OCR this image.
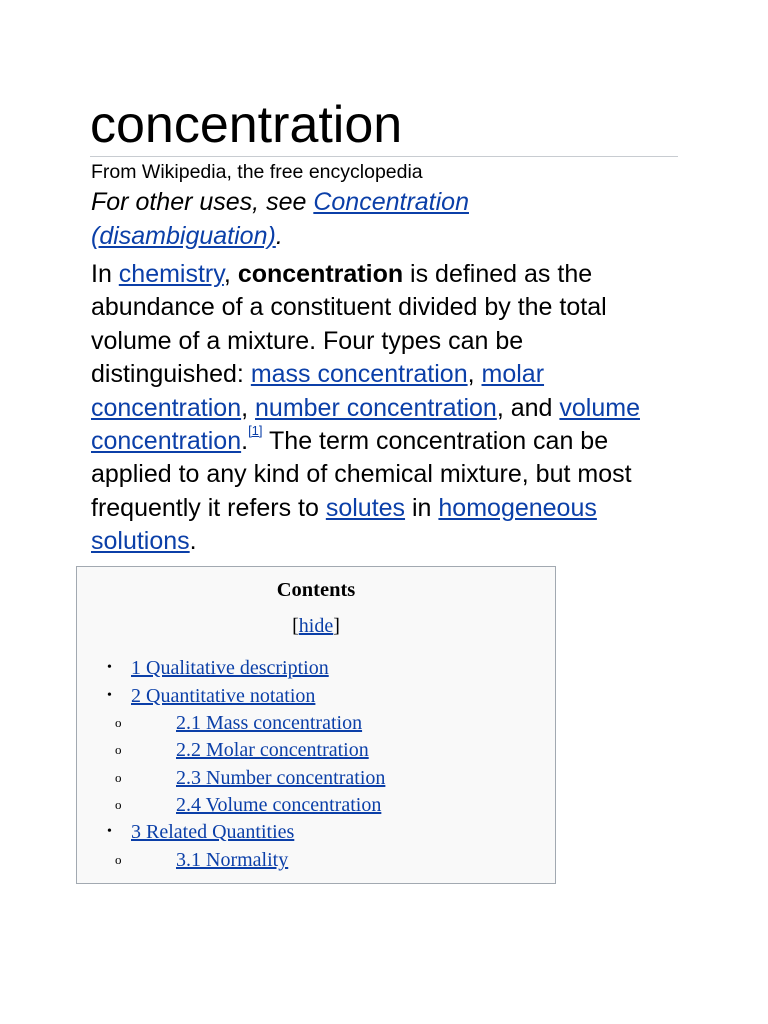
concentration
From Wikipedia, the free encyclopedia
For other uses, see Concentration
(disambiguation).
In chemistry, concentration is defined as the abundance of a constituent divided by the total volume of a mixture. Four types can be distinguished: mass concentration, molar concentration, number concentration, and volume concentration.[1] The term concentration can be applied to any kind of chemical mixture, but most frequently it refers to solutes in homogeneous solutions.
Contents
[hide]
• 1 Qualitative description
• 2 Quantitative notation
o	2.1 Mass concentration
o	2.2 Molar concentration
o	2.3 Number concentration
o	2.4 Volume concentration
• 3 Related Quantities
o	3.1 Normality
